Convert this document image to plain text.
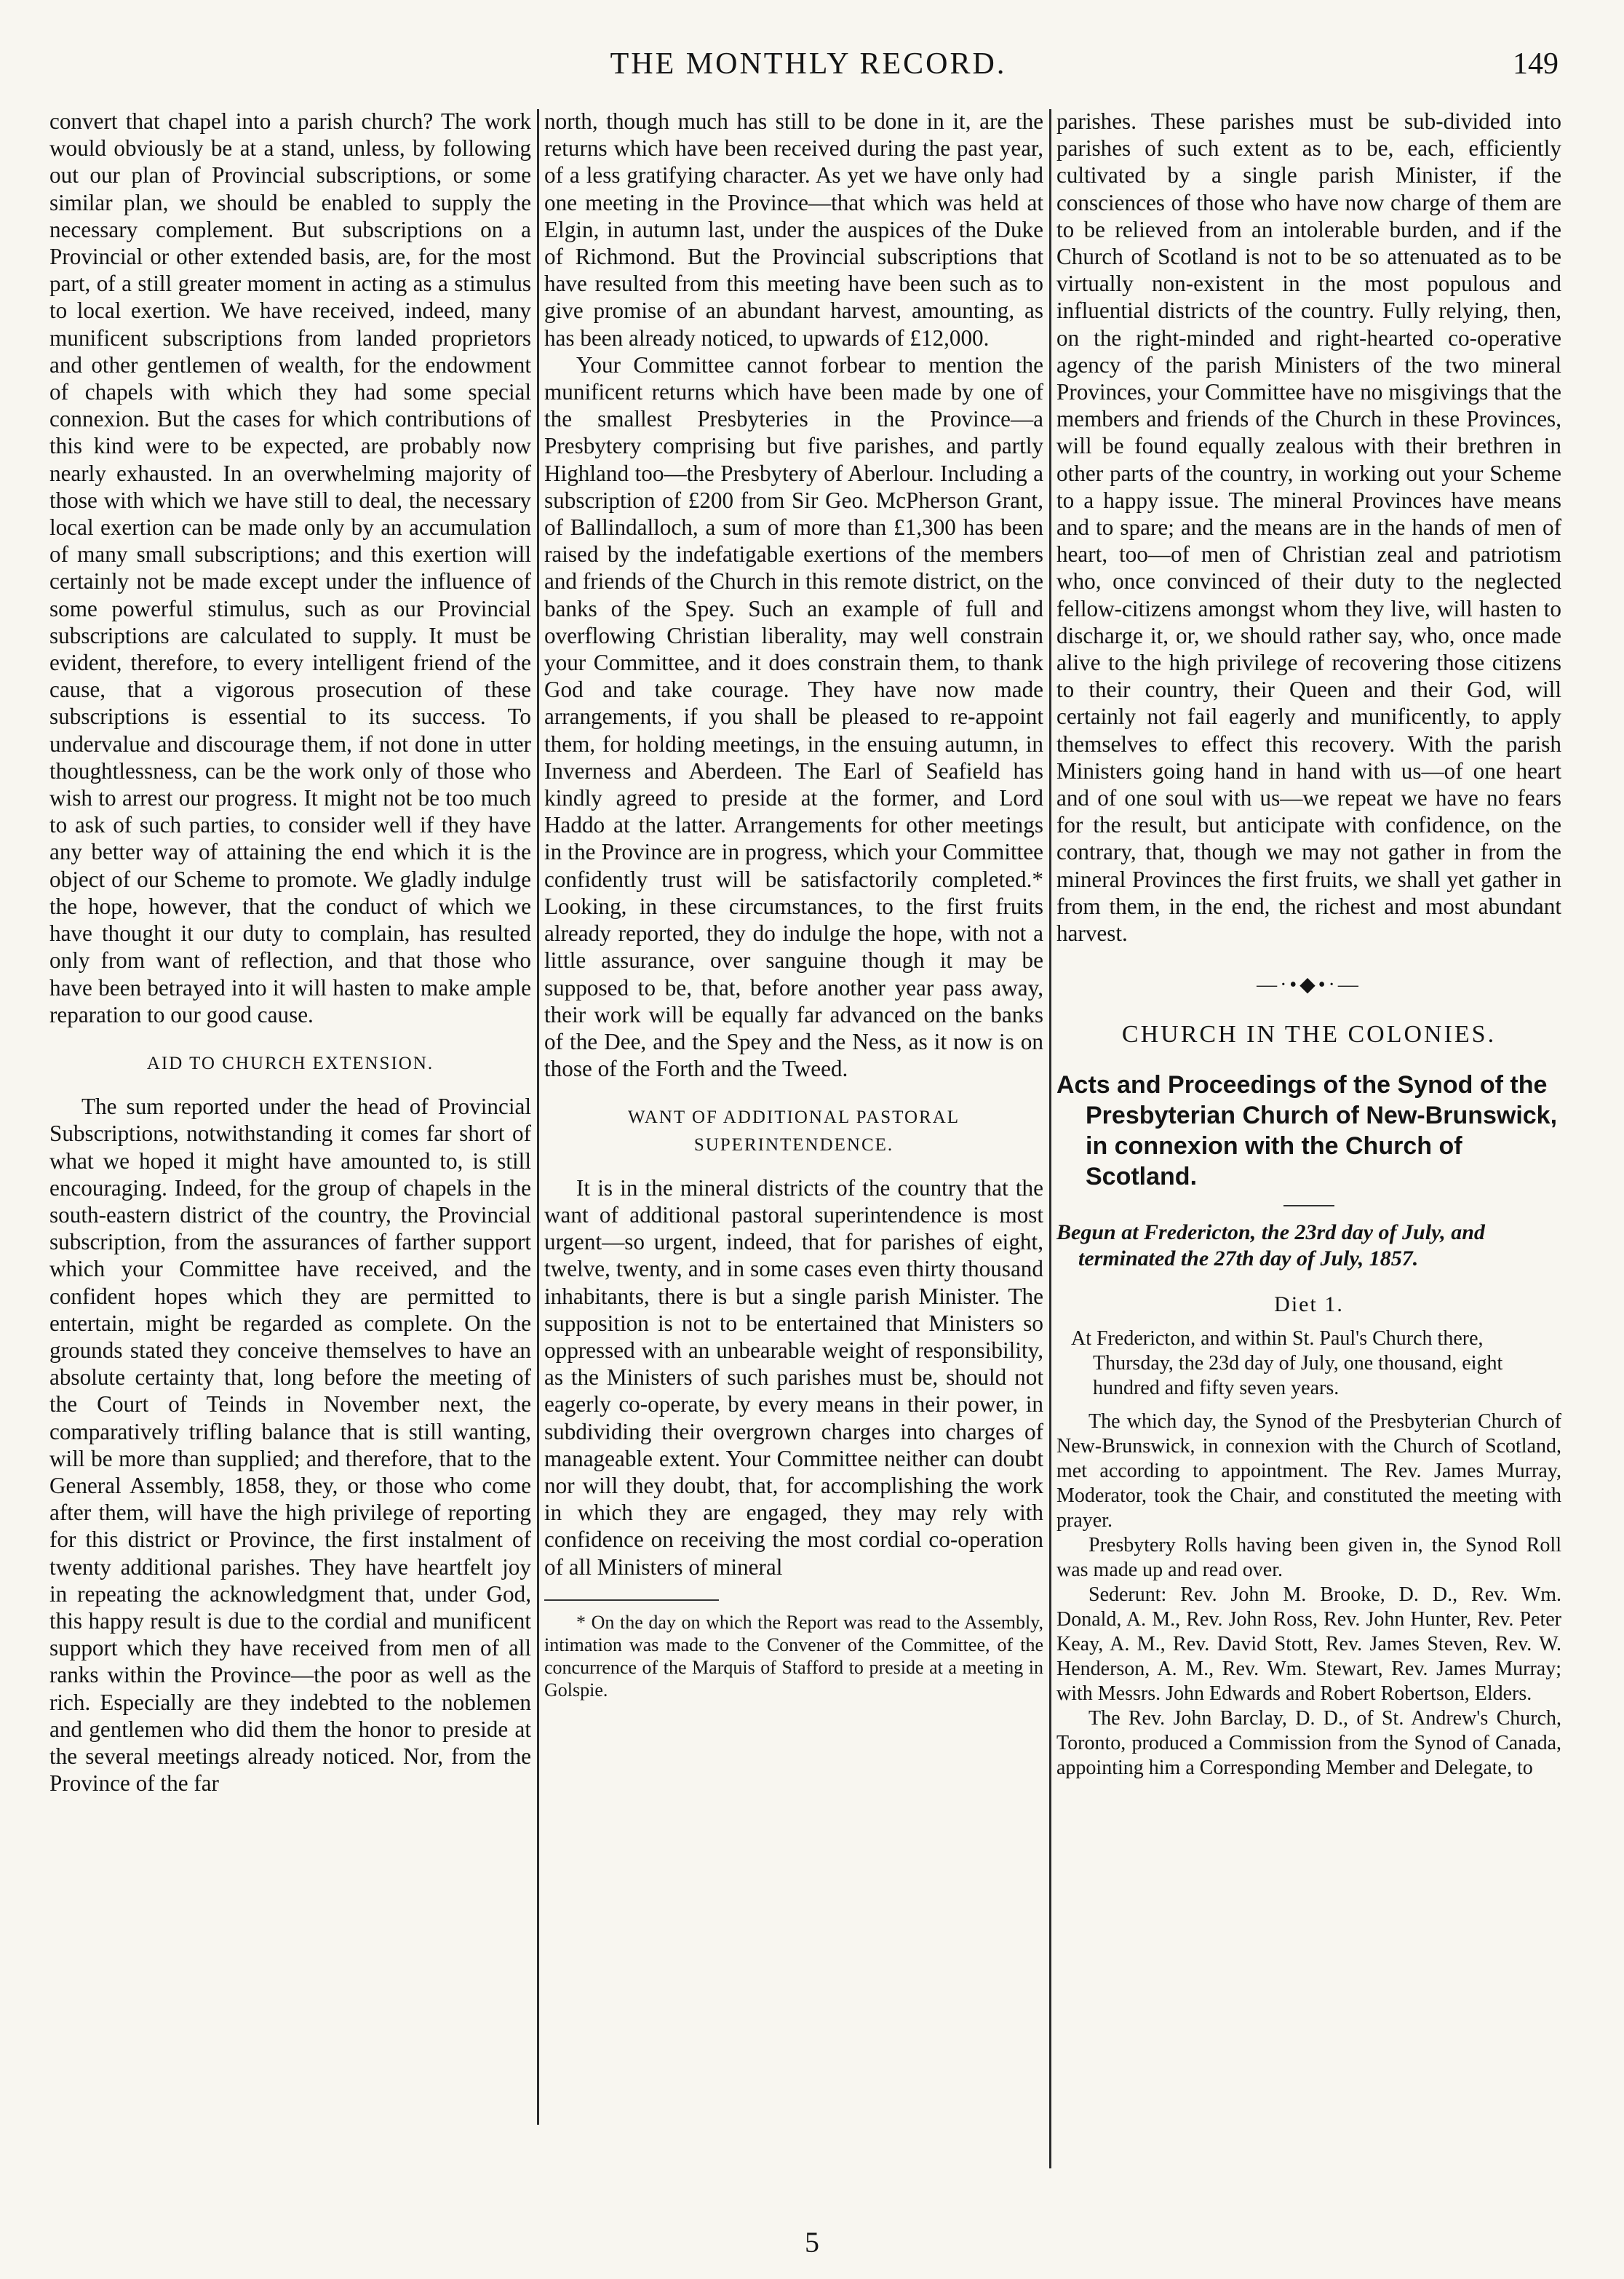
THE MONTHLY RECORD.	149

convert that chapel into a parish church? The work would obviously be at a stand, unless, by following out our plan of Provincial subscriptions, or some similar plan, we should be enabled to supply the necessary complement. But subscriptions on a Provincial or other extended basis, are, for the most part, of a still greater moment in acting as a stimulus to local exertion. We have received, indeed, many munificent subscriptions from landed proprietors and other gentlemen of wealth, for the endowment of chapels with which they had some special connexion. But the cases for which contributions of this kind were to be expected, are probably now nearly exhausted. In an overwhelming majority of those with which we have still to deal, the necessary local exertion can be made only by an accumulation of many small subscriptions; and this exertion will certainly not be made except under the influence of some powerful stimulus, such as our Provincial subscriptions are calculated to supply. It must be evident, therefore, to every intelligent friend of the cause, that a vigorous prosecution of these subscriptions is essential to its success. To undervalue and discourage them, if not done in utter thoughtlessness, can be the work only of those who wish to arrest our progress. It might not be too much to ask of such parties, to consider well if they have any better way of attaining the end which it is the object of our Scheme to promote. We gladly indulge the hope, however, that the conduct of which we have thought it our duty to complain, has resulted only from want of reflection, and that those who have been betrayed into it will hasten to make ample reparation to our good cause.

AID TO CHURCH EXTENSION.

The sum reported under the head of Provincial Subscriptions, notwithstanding it comes far short of what we hoped it might have amounted to, is still encouraging. Indeed, for the group of chapels in the south-eastern district of the country, the Provincial subscription, from the assurances of farther support which your Committee have received, and the confident hopes which they are permitted to entertain, might be regarded as complete. On the grounds stated they conceive themselves to have an absolute certainty that, long before the meeting of the Court of Teinds in November next, the comparatively trifling balance that is still wanting, will be more than supplied; and therefore, that to the General Assembly, 1858, they, or those who come after them, will have the high privilege of reporting for this district or Province, the first instalment of twenty additional parishes. They have heartfelt joy in repeating the acknowledgment that, under God, this happy result is due to the cordial and munificent support which they have received from men of all ranks within the Province—the poor as well as the rich. Especially are they indebted to the noblemen and gentlemen who did them the honor to preside at the several meetings already noticed. Nor, from the Province of the far

north, though much has still to be done in it, are the returns which have been received during the past year, of a less gratifying character. As yet we have only had one meeting in the Province—that which was held at Elgin, in autumn last, under the auspices of the Duke of Richmond. But the Provincial subscriptions that have resulted from this meeting have been such as to give promise of an abundant harvest, amounting, as has been already noticed, to upwards of £12,000.

Your Committee cannot forbear to mention the munificent returns which have been made by one of the smallest Presbyteries in the Province—a Presbytery comprising but five parishes, and partly Highland too—the Presbytery of Aberlour. Including a subscription of £200 from Sir Geo. McPherson Grant, of Ballindalloch, a sum of more than £1,300 has been raised by the indefatigable exertions of the members and friends of the Church in this remote district, on the banks of the Spey. Such an example of full and overflowing Christian liberality, may well constrain your Committee, and it does constrain them, to thank God and take courage. They have now made arrangements, if you shall be pleased to re-appoint them, for holding meetings, in the ensuing autumn, in Inverness and Aberdeen. The Earl of Seafield has kindly agreed to preside at the former, and Lord Haddo at the latter. Arrangements for other meetings in the Province are in progress, which your Committee confidently trust will be satisfactorily completed.* Looking, in these circumstances, to the first fruits already reported, they do indulge the hope, with not a little assurance, over sanguine though it may be supposed to be, that, before another year pass away, their work will be equally far advanced on the banks of the Dee, and the Spey and the Ness, as it now is on those of the Forth and the Tweed.

WANT OF ADDITIONAL PASTORAL SUPERINTENDENCE.

It is in the mineral districts of the country that the want of additional pastoral superintendence is most urgent—so urgent, indeed, that for parishes of eight, twelve, twenty, and in some cases even thirty thousand inhabitants, there is but a single parish Minister. The supposition is not to be entertained that Ministers so oppressed with an unbearable weight of responsibility, as the Ministers of such parishes must be, should not eagerly co-operate, by every means in their power, in subdividing their overgrown charges into charges of manageable extent. Your Committee neither can doubt nor will they doubt, that, for accomplishing the work in which they are engaged, they may rely with confidence on receiving the most cordial co-operation of all Ministers of mineral

* On the day on which the Report was read to the Assembly, intimation was made to the Convener of the Committee, of the concurrence of the Marquis of Stafford to preside at a meeting in Golspie.

parishes. These parishes must be sub-divided into parishes of such extent as to be, each, efficiently cultivated by a single parish Minister, if the consciences of those who have now charge of them are to be relieved from an intolerable burden, and if the Church of Scotland is not to be so attenuated as to be virtually non-existent in the most populous and influential districts of the country. Fully relying, then, on the right-minded and right-hearted co-operative agency of the parish Ministers of the two mineral Provinces, your Committee have no misgivings that the members and friends of the Church in these Provinces, will be found equally zealous with their brethren in other parts of the country, in working out your Scheme to a happy issue. The mineral Provinces have means and to spare; and the means are in the hands of men of heart, too—of men of Christian zeal and patriotism who, once convinced of their duty to the neglected fellow-citizens amongst whom they live, will hasten to discharge it, or, we should rather say, who, once made alive to the high privilege of recovering those citizens to their country, their Queen and their God, will certainly not fail eagerly and munificently, to apply themselves to effect this recovery. With the parish Ministers going hand in hand with us—of one heart and of one soul with us—we repeat we have no fears for the result, but anticipate with confidence, on the contrary, that, though we may not gather in from the mineral Provinces the first fruits, we shall yet gather in from them, in the end, the richest and most abundant harvest.

—·•◆•·—
CHURCH IN THE COLONIES.

Acts and Proceedings of the Synod of the Presbyterian Church of New-Brunswick, in connexion with the Church of Scotland.

Begun at Fredericton, the 23rd day of July, and terminated the 27th day of July, 1857.

Diet 1.

At Fredericton, and within St. Paul's Church there, Thursday, the 23d day of July, one thousand, eight hundred and fifty seven years.

The which day, the Synod of the Presbyterian Church of New-Brunswick, in connexion with the Church of Scotland, met according to appointment. The Rev. James Murray, Moderator, took the Chair, and constituted the meeting with prayer.

Presbytery Rolls having been given in, the Synod Roll was made up and read over.

Sederunt: Rev. John M. Brooke, D. D., Rev. Wm. Donald, A. M., Rev. John Ross, Rev. John Hunter, Rev. Peter Keay, A. M., Rev. David Stott, Rev. James Steven, Rev. W. Henderson, A. M., Rev. Wm. Stewart, Rev. James Murray; with Messrs. John Edwards and Robert Robertson, Elders.

The Rev. John Barclay, D. D., of St. Andrew's Church, Toronto, produced a Commission from the Synod of Canada, appointing him a Corresponding Member and Delegate, to

5
